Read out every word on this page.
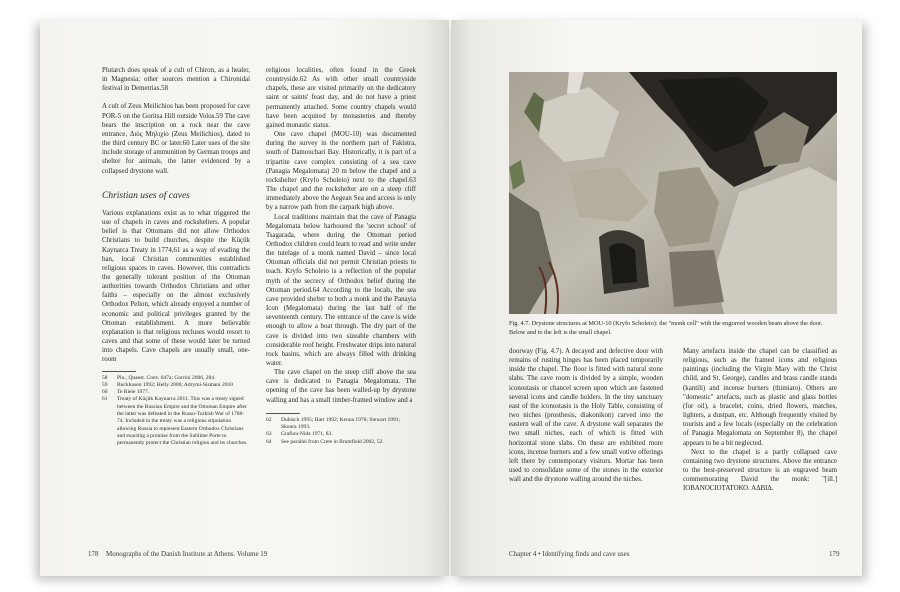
Plutarch does speak of a cult of Chiron, as a healer, in Magnesia; other sources mention a Chironidai festival in Demetrias.58

A cult of Zeus Meilichios has been proposed for cave POR-5 on the Goritsa Hill outside Volos.59 The cave bears the inscription on a rock near the cave entrance, Διὸς Μηλιχίο (Zeus Meilichios), dated to the third century BC or later.60 Later uses of the site include storage of ammunition by German troops and shelter for animals, the latter evidenced by a collapsed drystone wall.

Christian uses of caves

Various explanations exist as to what triggered the use of chapels in caves and rockshelters. A popular belief is that Ottomans did not allow Orthodox Christians to build churches, despite the Küçük Kaynarca Treaty in 1774,61 as a way of evading the ban, local Christian communities established religious spaces in caves. However, this contradicts the generally tolerant position of the Ottoman authorities towards Orthodox Christians and other faiths – especially on the almost exclusively Orthodox Pelion, which already enjoyed a number of economic and political privileges granted by the Ottoman establishment. A more believable explanation is that religious recluses would resort to caves and that some of these would later be turned into chapels. Cave chapels are usually small, one-room

58	Plu., Quaest. Conv. 647a; Gorrini 2006, 284.
59	Buckhusen 1992; Helly 2006; Adrymi-Sismani 2010
60	Te Riele 1977.
61	Treaty of Küçük Kaynarca 2011. This was a treaty signed between the Russian Empire and the Ottoman Empire after the latter was defeated in the Russo-Turkish War of 1768-74. Included in the treaty was a religious stipulation allowing Russia to represent Eastern Orthodox Christians and exacting a promise from the Sublime Porte to permanently protect the Christian religion and its churches.

religious localities, often found in the Greek countryside.62 As with other small countryside chapels, these are visited primarily on the dedicatory saint or saints' feast day, and do not have a priest permanently attached. Some country chapels would have been acquired by monasteries and thereby gained monastic status.

One cave chapel (MOU-10) was documented during the survey in the northern part of Fakistra, south of Damouchari Bay. Historically, it is part of a tripartite cave complex consisting of a sea cave (Panagia Megalomata) 20 m below the chapel and a rockshelter (Kryfo Scholeio) next to the chapel.63 The chapel and the rockshelter are on a steep cliff immediately above the Aegean Sea and access is only by a narrow path from the carpark high above.

Local traditions maintain that the cave of Panagia Megalomata below harboured the 'secret school' of Tsagarada, where during the Ottoman period Orthodox children could learn to read and write under the tutelage of a monk named David – since local Ottoman officials did not permit Christian priests to teach. Kryfo Scholeio is a reflection of the popular myth of the secrecy of Orthodox belief during the Ottoman period.64 According to the locals, the sea cave provided shelter to both a monk and the Panayia Icon (Megalomata) during the last half of the seventeenth century. The entrance of the cave is wide enough to allow a boat through. The dry part of the cave is divided into two sizeable chambers with considerable roof height. Freshwater drips into natural rock basins, which are always filled with drinking water.

The cave chapel on the steep cliff above the sea cave is dedicated to Panagia Megalomata. The opening of the cave has been walled-up by drystone walling and has a small timber-framed window and a

62	Dubisch 1995; Hart 1992; Kenna 1976; Stewart 1991; Skoura 1993.
63	Grafiou-Nida 1971, 83.
64	See parallel from Crete in Brumfield 2002, 52.
178 Monographs of the Danish Institute at Athens. Volume 19
Fig. 4.7. Drystone structures at MOU-10 (Kryfo Scholeio): the "monk cell" with the engraved wooden beam above the door. Below and to the left is the small chapel.

doorway (Fig. 4.7). A decayed and defective door with remains of rusting hinges has been placed temporarily inside the chapel. The floor is fitted with natural stone slabs. The cave room is divided by a simple, wooden iconostasis or chancel screen upon which are fastened several icons and candle holders. In the tiny sanctuary east of the iconostasis is the Holy Table, consisting of two niches (prosthesis, diakonikon) carved into the eastern wall of the cave. A drystone wall separates the two small niches, each of which is fitted with horizontal stone slabs. On these are exhibited more icons, incense burners and a few small votive offerings left there by contemporary visitors. Mortar has been used to consolidate some of the stones in the exterior wall and the drystone walling around the niches.

Many artefacts inside the chapel can be classified as religious, such as the framed icons and religious paintings (including the Virgin Mary with the Christ child, and St. George), candles and brass candle stands (kantili) and incense burners (thimiato). Others are "domestic" artefacts, such as plastic and glass bottles (for oil), a bracelet, coins, dried flowers, matches, lighters, a dustpan, etc. Although frequently visited by tourists and a few locals (especially on the celebration of Panagia Megalomata on September 8), the chapel appears to be a bit neglected.

Next to the chapel is a partly collapsed cave containing two drystone structures. Above the entrance to the best-preserved structure is an engraved beam commemorating David the monk: "[ill.] ΙΟΒΑΝΟCΙΟΤΑΤΟΚΟ. ΑΔΒΙΔ.

Chapter 4 • Identifying finds and cave uses	179
